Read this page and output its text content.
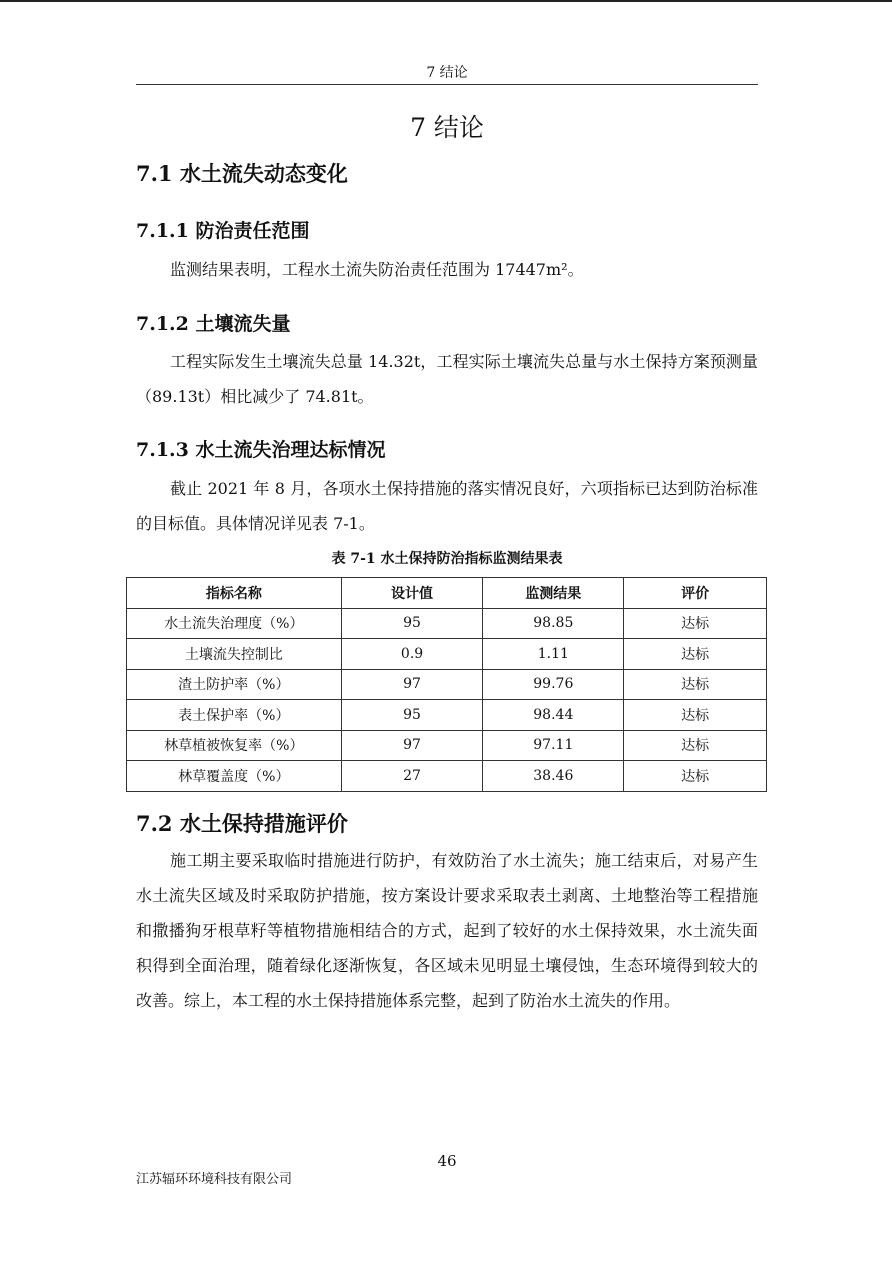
7 结论
7 结论
7.1 水土流失动态变化
7.1.1 防治责任范围
监测结果表明，工程水土流失防治责任范围为 17447m²。
7.1.2 土壤流失量
工程实际发生土壤流失总量 14.32t，工程实际土壤流失总量与水土保持方案预测量（89.13t）相比减少了 74.81t。
7.1.3 水土流失治理达标情况
截止 2021 年 8 月，各项水土保持措施的落实情况良好，六项指标已达到防治标准的目标值。具体情况详见表 7-1。
表 7-1 水土保持防治指标监测结果表
指标名称	设计值	监测结果	评价
水土流失治理度（%）	95	98.85	达标
土壤流失控制比	0.9	1.11	达标
渣土防护率（%）	97	99.76	达标
表土保护率（%）	95	98.44	达标
林草植被恢复率（%）	97	97.11	达标
林草覆盖度（%）	27	38.46	达标
7.2 水土保持措施评价
施工期主要采取临时措施进行防护，有效防治了水土流失；施工结束后，对易产生水土流失区域及时采取防护措施，按方案设计要求采取表土剥离、土地整治等工程措施和撒播狗牙根草籽等植物措施相结合的方式，起到了较好的水土保持效果，水土流失面积得到全面治理，随着绿化逐渐恢复，各区域未见明显土壤侵蚀，生态环境得到较大的改善。综上，本工程的水土保持措施体系完整，起到了防治水土流失的作用。
46
江苏辐环环境科技有限公司
